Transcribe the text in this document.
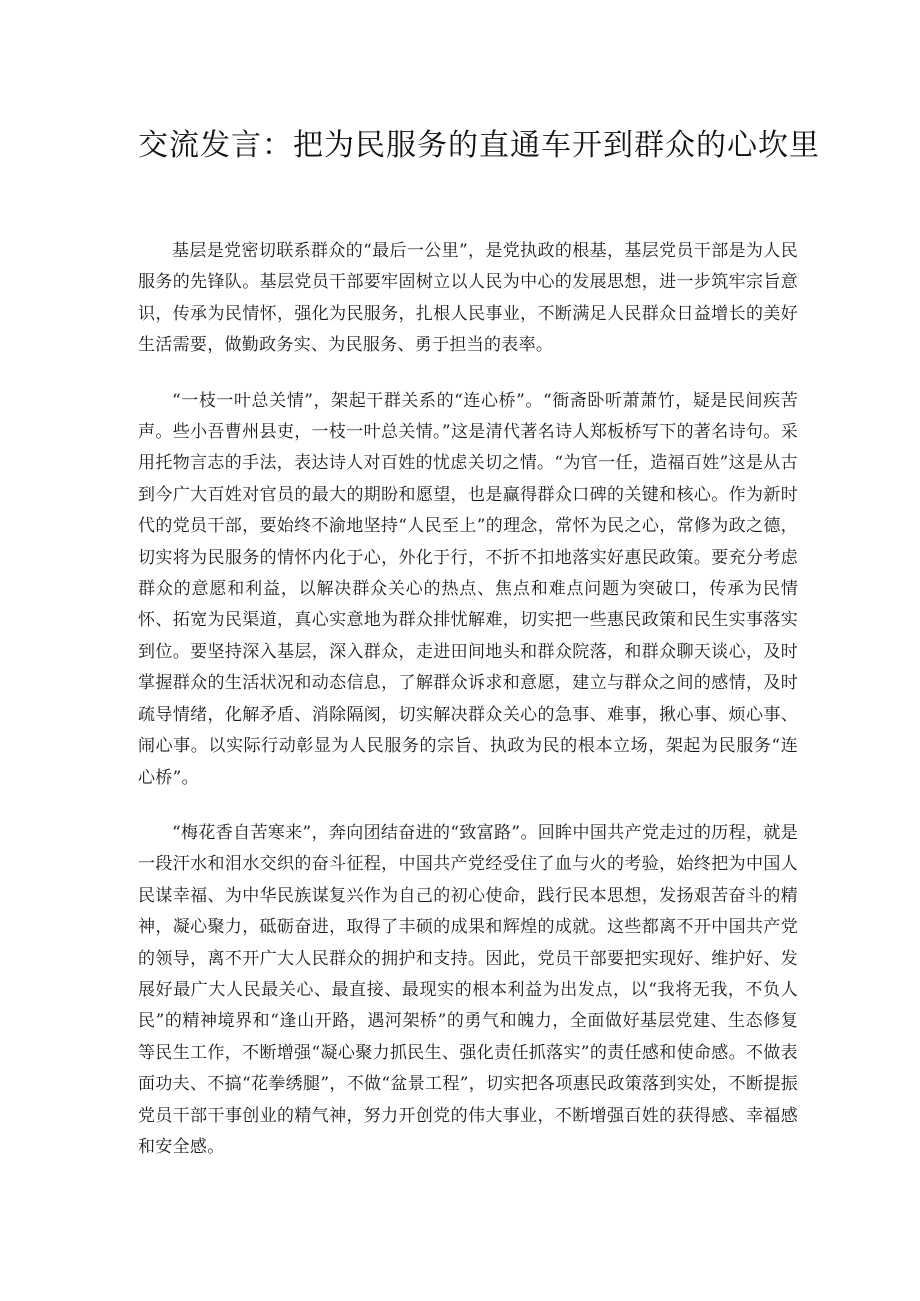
交流发言：把为民服务的直通车开到群众的心坎里

基层是党密切联系群众的“最后一公里”，是党执政的根基，基层党员干部是为人民服务的先锋队。基层党员干部要牢固树立以人民为中心的发展思想，进一步筑牢宗旨意识，传承为民情怀，强化为民服务，扎根人民事业，不断满足人民群众日益增长的美好生活需要，做勤政务实、为民服务、勇于担当的表率。

“一枝一叶总关情”，架起干群关系的“连心桥”。“衙斋卧听萧萧竹，疑是民间疾苦声。些小吾曹州县吏，一枝一叶总关情。”这是清代著名诗人郑板桥写下的著名诗句。采用托物言志的手法，表达诗人对百姓的忧虑关切之情。“为官一任，造福百姓”这是从古到今广大百姓对官员的最大的期盼和愿望，也是赢得群众口碑的关键和核心。作为新时代的党员干部，要始终不渝地坚持“人民至上”的理念，常怀为民之心，常修为政之德，切实将为民服务的情怀内化于心，外化于行，不折不扣地落实好惠民政策。要充分考虑群众的意愿和利益，以解决群众关心的热点、焦点和难点问题为突破口，传承为民情怀、拓宽为民渠道，真心实意地为群众排忧解难，切实把一些惠民政策和民生实事落实到位。要坚持深入基层，深入群众，走进田间地头和群众院落，和群众聊天谈心，及时掌握群众的生活状况和动态信息，了解群众诉求和意愿，建立与群众之间的感情，及时疏导情绪，化解矛盾、消除隔阂，切实解决群众关心的急事、难事，揪心事、烦心事、闹心事。以实际行动彰显为人民服务的宗旨、执政为民的根本立场，架起为民服务“连心桥”。

“梅花香自苦寒来”，奔向团结奋进的“致富路”。回眸中国共产党走过的历程，就是一段汗水和泪水交织的奋斗征程，中国共产党经受住了血与火的考验，始终把为中国人民谋幸福、为中华民族谋复兴作为自己的初心使命，践行民本思想，发扬艰苦奋斗的精神，凝心聚力，砥砺奋进，取得了丰硕的成果和辉煌的成就。这些都离不开中国共产党的领导，离不开广大人民群众的拥护和支持。因此，党员干部要把实现好、维护好、发展好最广大人民最关心、最直接、最现实的根本利益为出发点，以“我将无我，不负人民”的精神境界和“逢山开路，遇河架桥”的勇气和魄力，全面做好基层党建、生态修复等民生工作，不断增强“凝心聚力抓民生、强化责任抓落实”的责任感和使命感。不做表面功夫、不搞“花拳绣腿”，不做“盆景工程”，切实把各项惠民政策落到实处，不断提振党员干部干事创业的精气神，努力开创党的伟大事业，不断增强百姓的获得感、幸福感和安全感。
